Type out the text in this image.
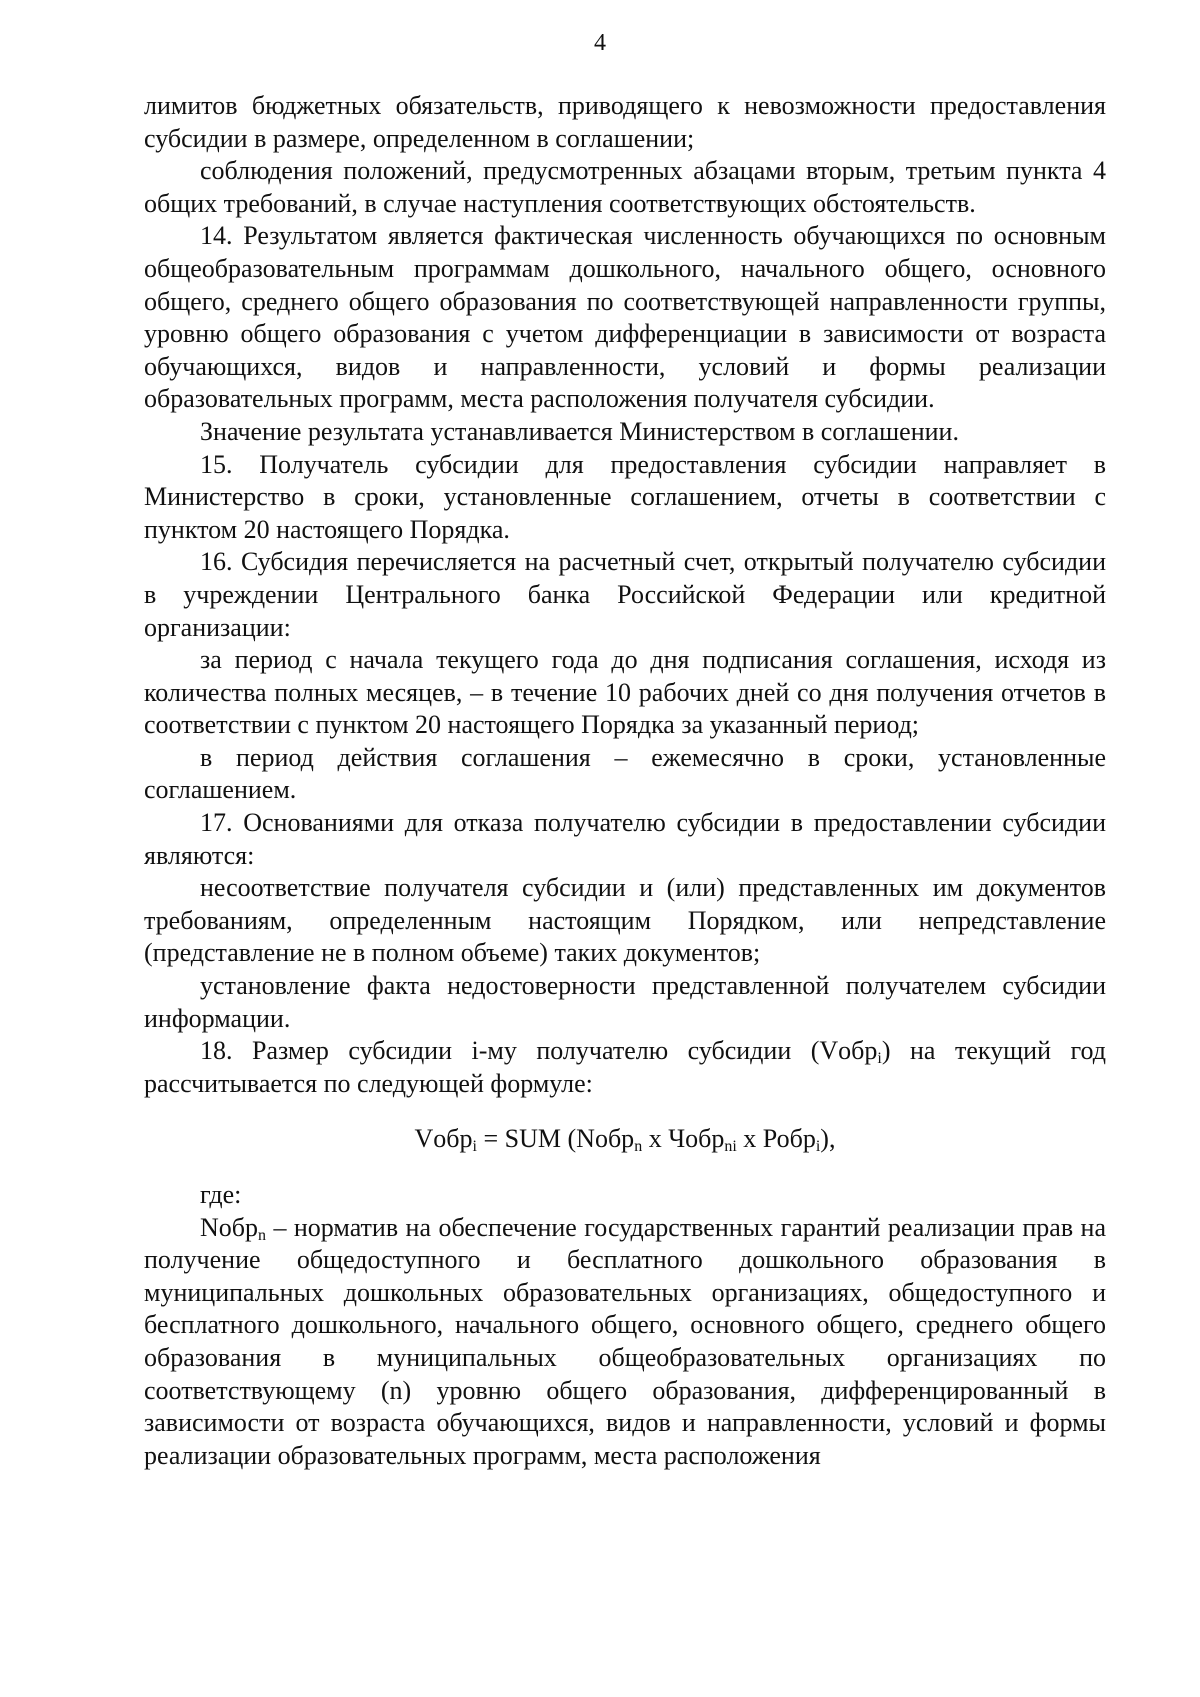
4

лимитов бюджетных обязательств, приводящего к невозможности предоставления субсидии в размере, определенном в соглашении;

соблюдения положений, предусмотренных абзацами вторым, третьим пункта 4 общих требований, в случае наступления соответствующих обстоятельств.

14. Результатом является фактическая численность обучающихся по основным общеобразовательным программам дошкольного, начального общего, основного общего, среднего общего образования по соответствующей направленности группы, уровню общего образования с учетом дифференциации в зависимости от возраста обучающихся, видов и направленности, условий и формы реализации образовательных программ, места расположения получателя субсидии.

Значение результата устанавливается Министерством в соглашении.

15. Получатель субсидии для предоставления субсидии направляет в Министерство в сроки, установленные соглашением, отчеты в соответствии с пунктом 20 настоящего Порядка.

16. Субсидия перечисляется на расчетный счет, открытый получателю субсидии в учреждении Центрального банка Российской Федерации или кредитной организации:

за период с начала текущего года до дня подписания соглашения, исходя из количества полных месяцев, – в течение 10 рабочих дней со дня получения отчетов в соответствии с пунктом 20 настоящего Порядка за указанный период;

в период действия соглашения – ежемесячно в сроки, установленные соглашением.

17. Основаниями для отказа получателю субсидии в предоставлении субсидии являются:

несоответствие получателя субсидии и (или) представленных им документов требованиям, определенным настоящим Порядком, или непредставление (представление не в полном объеме) таких документов;

установление факта недостоверности представленной получателем субсидии информации.

18. Размер субсидии i-му получателю субсидии (Vобр$_i$) на текущий год рассчитывается по следующей формуле:

Vобр$_i$ = SUM (Nобр$_n$ x Чобр$_{ni}$ x Робр$_i$),

где:

Nобр$_n$ – норматив на обеспечение государственных гарантий реализации прав на получение общедоступного и бесплатного дошкольного образования в муниципальных дошкольных образовательных организациях, общедоступного и бесплатного дошкольного, начального общего, основного общего, среднего общего образования в муниципальных общеобразовательных организациях по соответствующему (n) уровню общего образования, дифференцированный в зависимости от возраста обучающихся, видов и направленности, условий и формы реализации образовательных программ, места расположения
